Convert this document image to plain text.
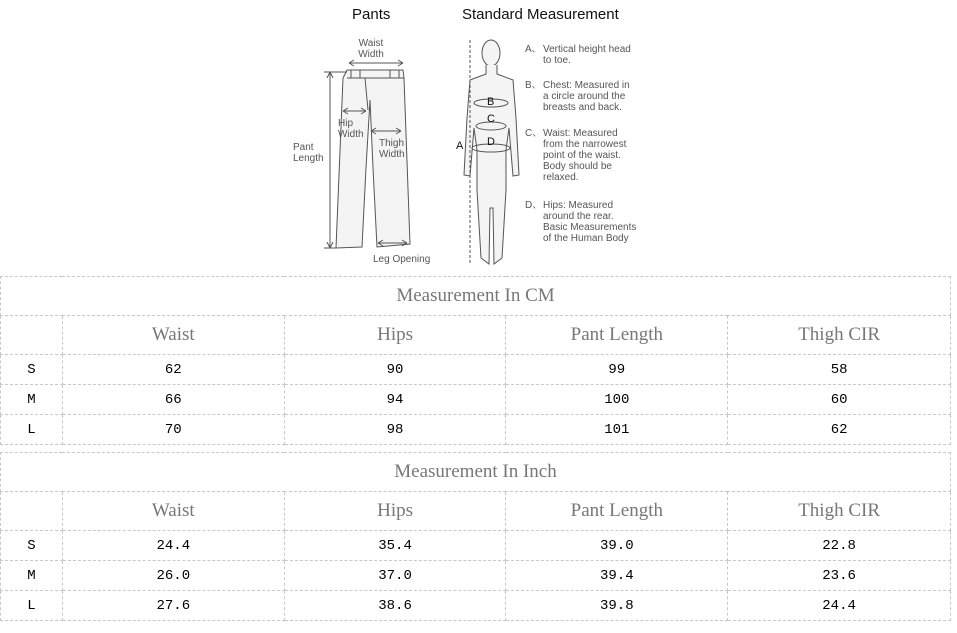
Pants	Standard Measurement
Waist
Width
Hip
Width
Pant
Length
Thigh
Width
Leg Opening
B
C
D
A
A、 Vertical height head
to toe.
B、 Chest: Measured in
a circle around the
breasts and back.
C、 Waist: Measured
from the narrowest
point of the waist.
Body should be
relaxed.
D、 Hips: Measured
around the rear.
Basic Measurements
of the Human Body
Measurement In CM				
	Waist	Hips	Pant Length	Thigh CIR
S	62	90	99	58
M	66	94	100	60
L	70	98	101	62
Measurement In Inch				
	Waist	Hips	Pant Length	Thigh CIR
S	24.4	35.4	39.0	22.8
M	26.0	37.0	39.4	23.6
L	27.6	38.6	39.8	24.4
